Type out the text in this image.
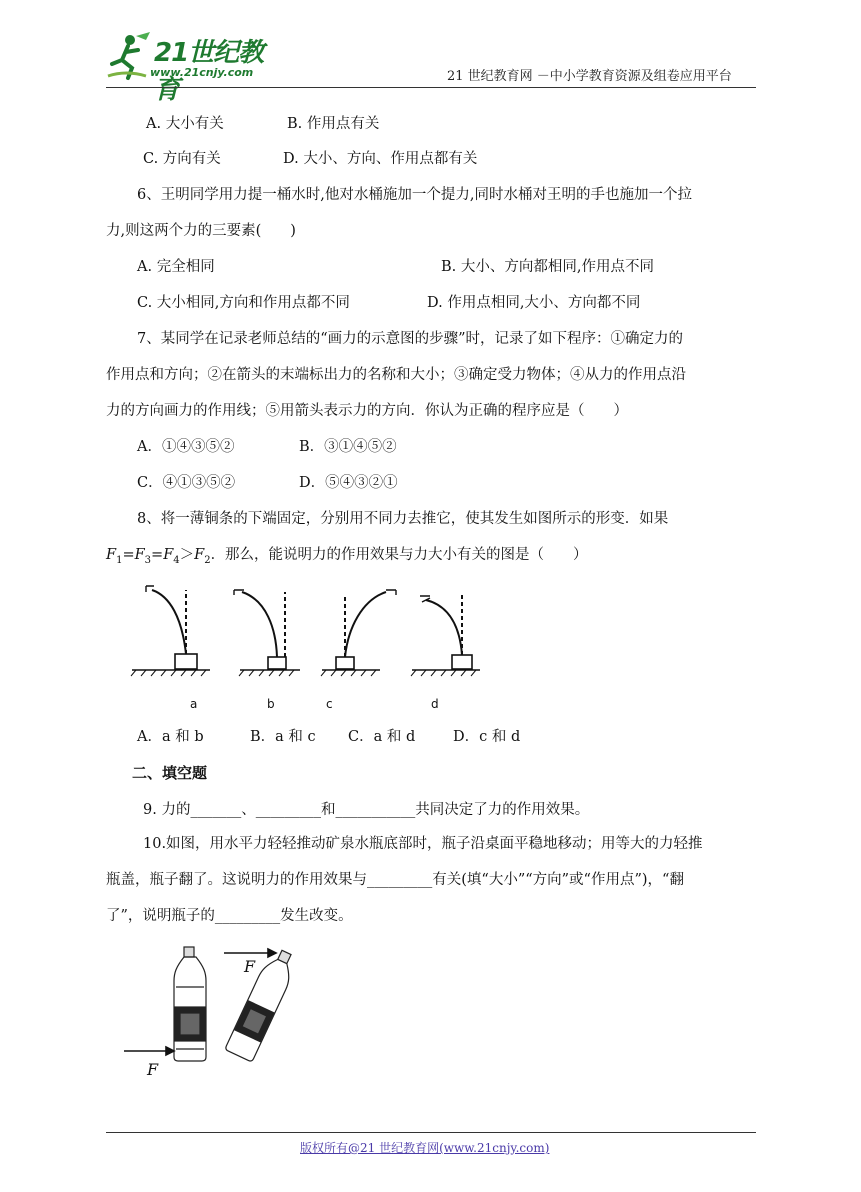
21世纪教育
www.21cnjy.com	21 世纪教育网 －中小学教育资源及组卷应用平台
A. 大小有关	B. 作用点有关
C. 方向有关	D. 大小、方向、作用点都有关
6、王明同学用力提一桶水时,他对水桶施加一个提力,同时水桶对王明的手也施加一个拉
力,则这两个力的三要素(　　)
A. 完全相同	B. 大小、方向都相同,作用点不同
C. 大小相同,方向和作用点都不同	D. 作用点相同,大小、方向都不同
7、某同学在记录老师总结的“画力的示意图的步骤”时，记录了如下程序：①确定力的
作用点和方向；②在箭头的末端标出力的名称和大小；③确定受力物体；④从力的作用点沿
力的方向画力的作用线；⑤用箭头表示力的方向．你认为正确的程序应是（　　）
A．①④③⑤②	B．③①④⑤②
C．④①③⑤②	D．⑤④③②①
8、将一薄铜条的下端固定，分别用不同力去推它，使其发生如图所示的形变．如果
$F_1=F_3=F_4>F_2$．那么，能说明力的作用效果与力大小有关的图是（　　）
a	b	c	d
A．a 和 b	B．a 和 c C．a 和 d	D．c 和 d
二、填空题
9. 力的_______、_________和___________共同决定了力的作用效果。
10.如图，用水平力轻轻推动矿泉水瓶底部时，瓶子沿桌面平稳地移动；用等大的力轻推
瓶盖，瓶子翻了。这说明力的作用效果与_________有关(填“大小”“方向”或“作用点”)，“翻
了”，说明瓶子的_________发生改变。
F
F
版权所有@21 世纪教育网(www.21cnjy.com)
